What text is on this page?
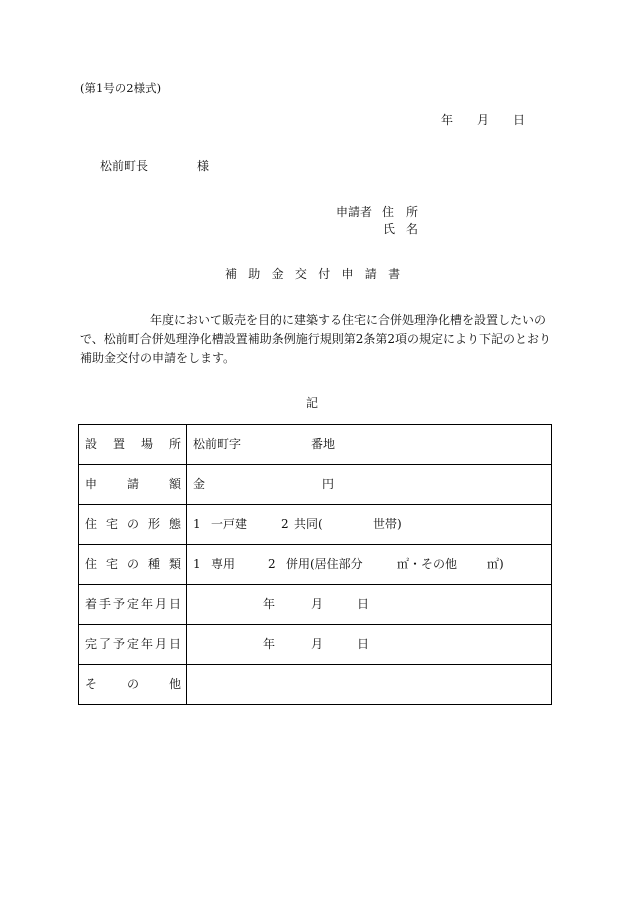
(第1号の2様式)
年 月 日
松前町長	様
申請者 住所
氏名
補助金交付申請書
年度において販売を目的に建築する住宅に合併処理浄化槽を設置したいの
で、松前町合併処理浄化槽設置補助条例施行規則第2条第2項の規定により下記のとおり
補助金交付の申請をします。
記
設置場所	松前町字	番地
申請額	金	円
住宅の形態	1 一戸建	2 共同(	世帯)
住宅の種類	1 専用	2 併用(居住部分	㎡・その他 ㎡)
着手予定年月日	年	月	日
完了予定年月日	年	月	日
その他
